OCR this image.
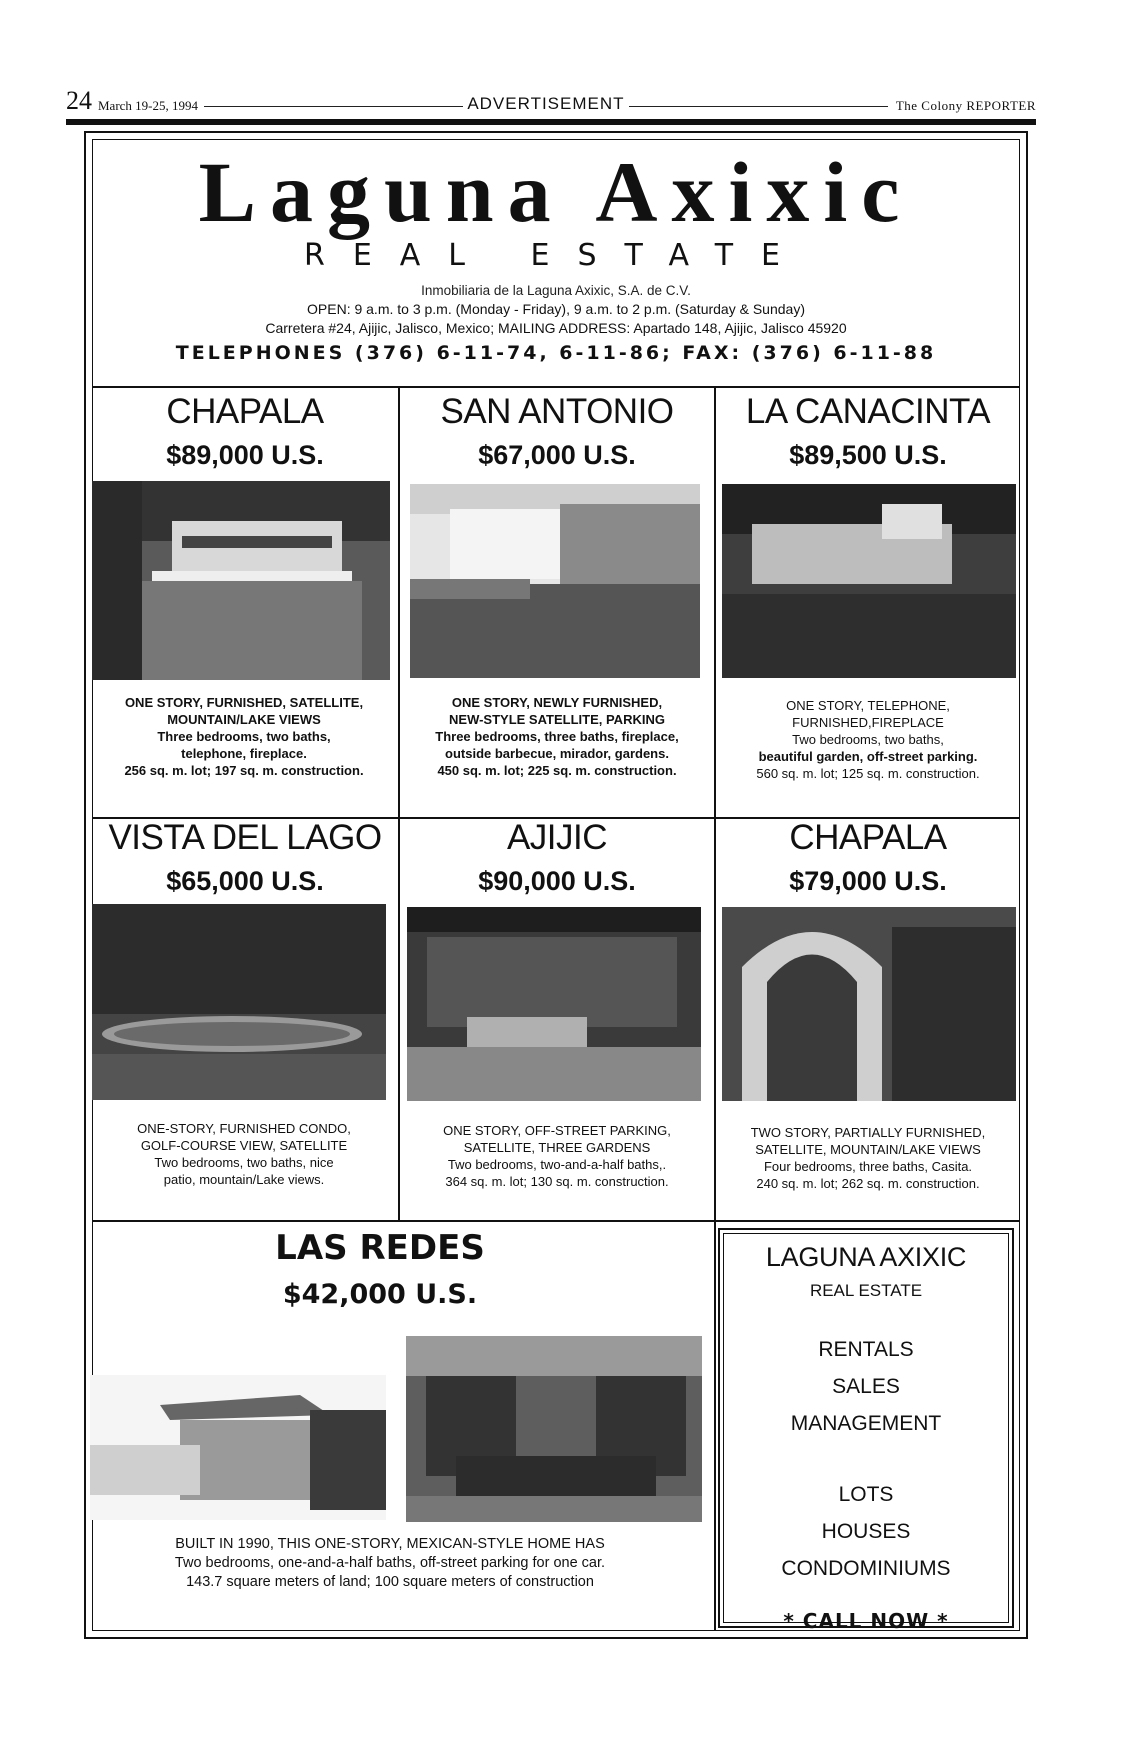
24 March 19-25, 1994	ADVERTISEMENT	The Colony REPORTER
Laguna Axixic
REAL ESTATE
Inmobiliaria de la Laguna Axixic, S.A. de C.V.
OPEN: 9 a.m. to 3 p.m. (Monday - Friday), 9 a.m. to 2 p.m. (Saturday & Sunday)
Carretera #24, Ajijic, Jalisco, Mexico; MAILING ADDRESS: Apartado 148, Ajijic, Jalisco 45920
TELEPHONES (376) 6-11-74, 6-11-86; FAX: (376) 6-11-88
CHAPALA
$89,000 U.S.
ONE STORY, FURNISHED, SATELLITE,
MOUNTAIN/LAKE VIEWS
Three bedrooms, two baths,
telephone, fireplace.
256 sq. m. lot; 197 sq. m. construction.
SAN ANTONIO
$67,000 U.S.
ONE STORY, NEWLY FURNISHED,
NEW-STYLE SATELLITE, PARKING
Three bedrooms, three baths, fireplace,
outside barbecue, mirador, gardens.
450 sq. m. lot; 225 sq. m. construction.
LA CANACINTA
$89,500 U.S.
ONE STORY, TELEPHONE,
FURNISHED,FIREPLACE
Two bedrooms, two baths,
beautiful garden, off-street parking.
560 sq. m. lot; 125 sq. m. construction.
VISTA DEL LAGO
$65,000 U.S.
ONE-STORY, FURNISHED CONDO,
GOLF-COURSE VIEW, SATELLITE
Two bedrooms, two baths, nice
patio, mountain/Lake views.
AJIJIC
$90,000 U.S.
ONE STORY, OFF-STREET PARKING,
SATELLITE, THREE GARDENS
Two bedrooms, two-and-a-half baths,.
364 sq. m. lot; 130 sq. m. construction.
CHAPALA
$79,000 U.S.
TWO STORY, PARTIALLY FURNISHED,
SATELLITE, MOUNTAIN/LAKE VIEWS
Four bedrooms, three baths, Casita.
240 sq. m. lot; 262 sq. m. construction.
LAS REDES
$42,000 U.S.
BUILT IN 1990, THIS ONE-STORY, MEXICAN-STYLE HOME HAS
Two bedrooms, one-and-a-half baths, off-street parking for one car.
143.7 square meters of land; 100 square meters of construction
LAGUNA AXIXIC
REAL ESTATE
RENTALS
SALES
MANAGEMENT
LOTS
HOUSES
CONDOMINIUMS
* CALL NOW *
